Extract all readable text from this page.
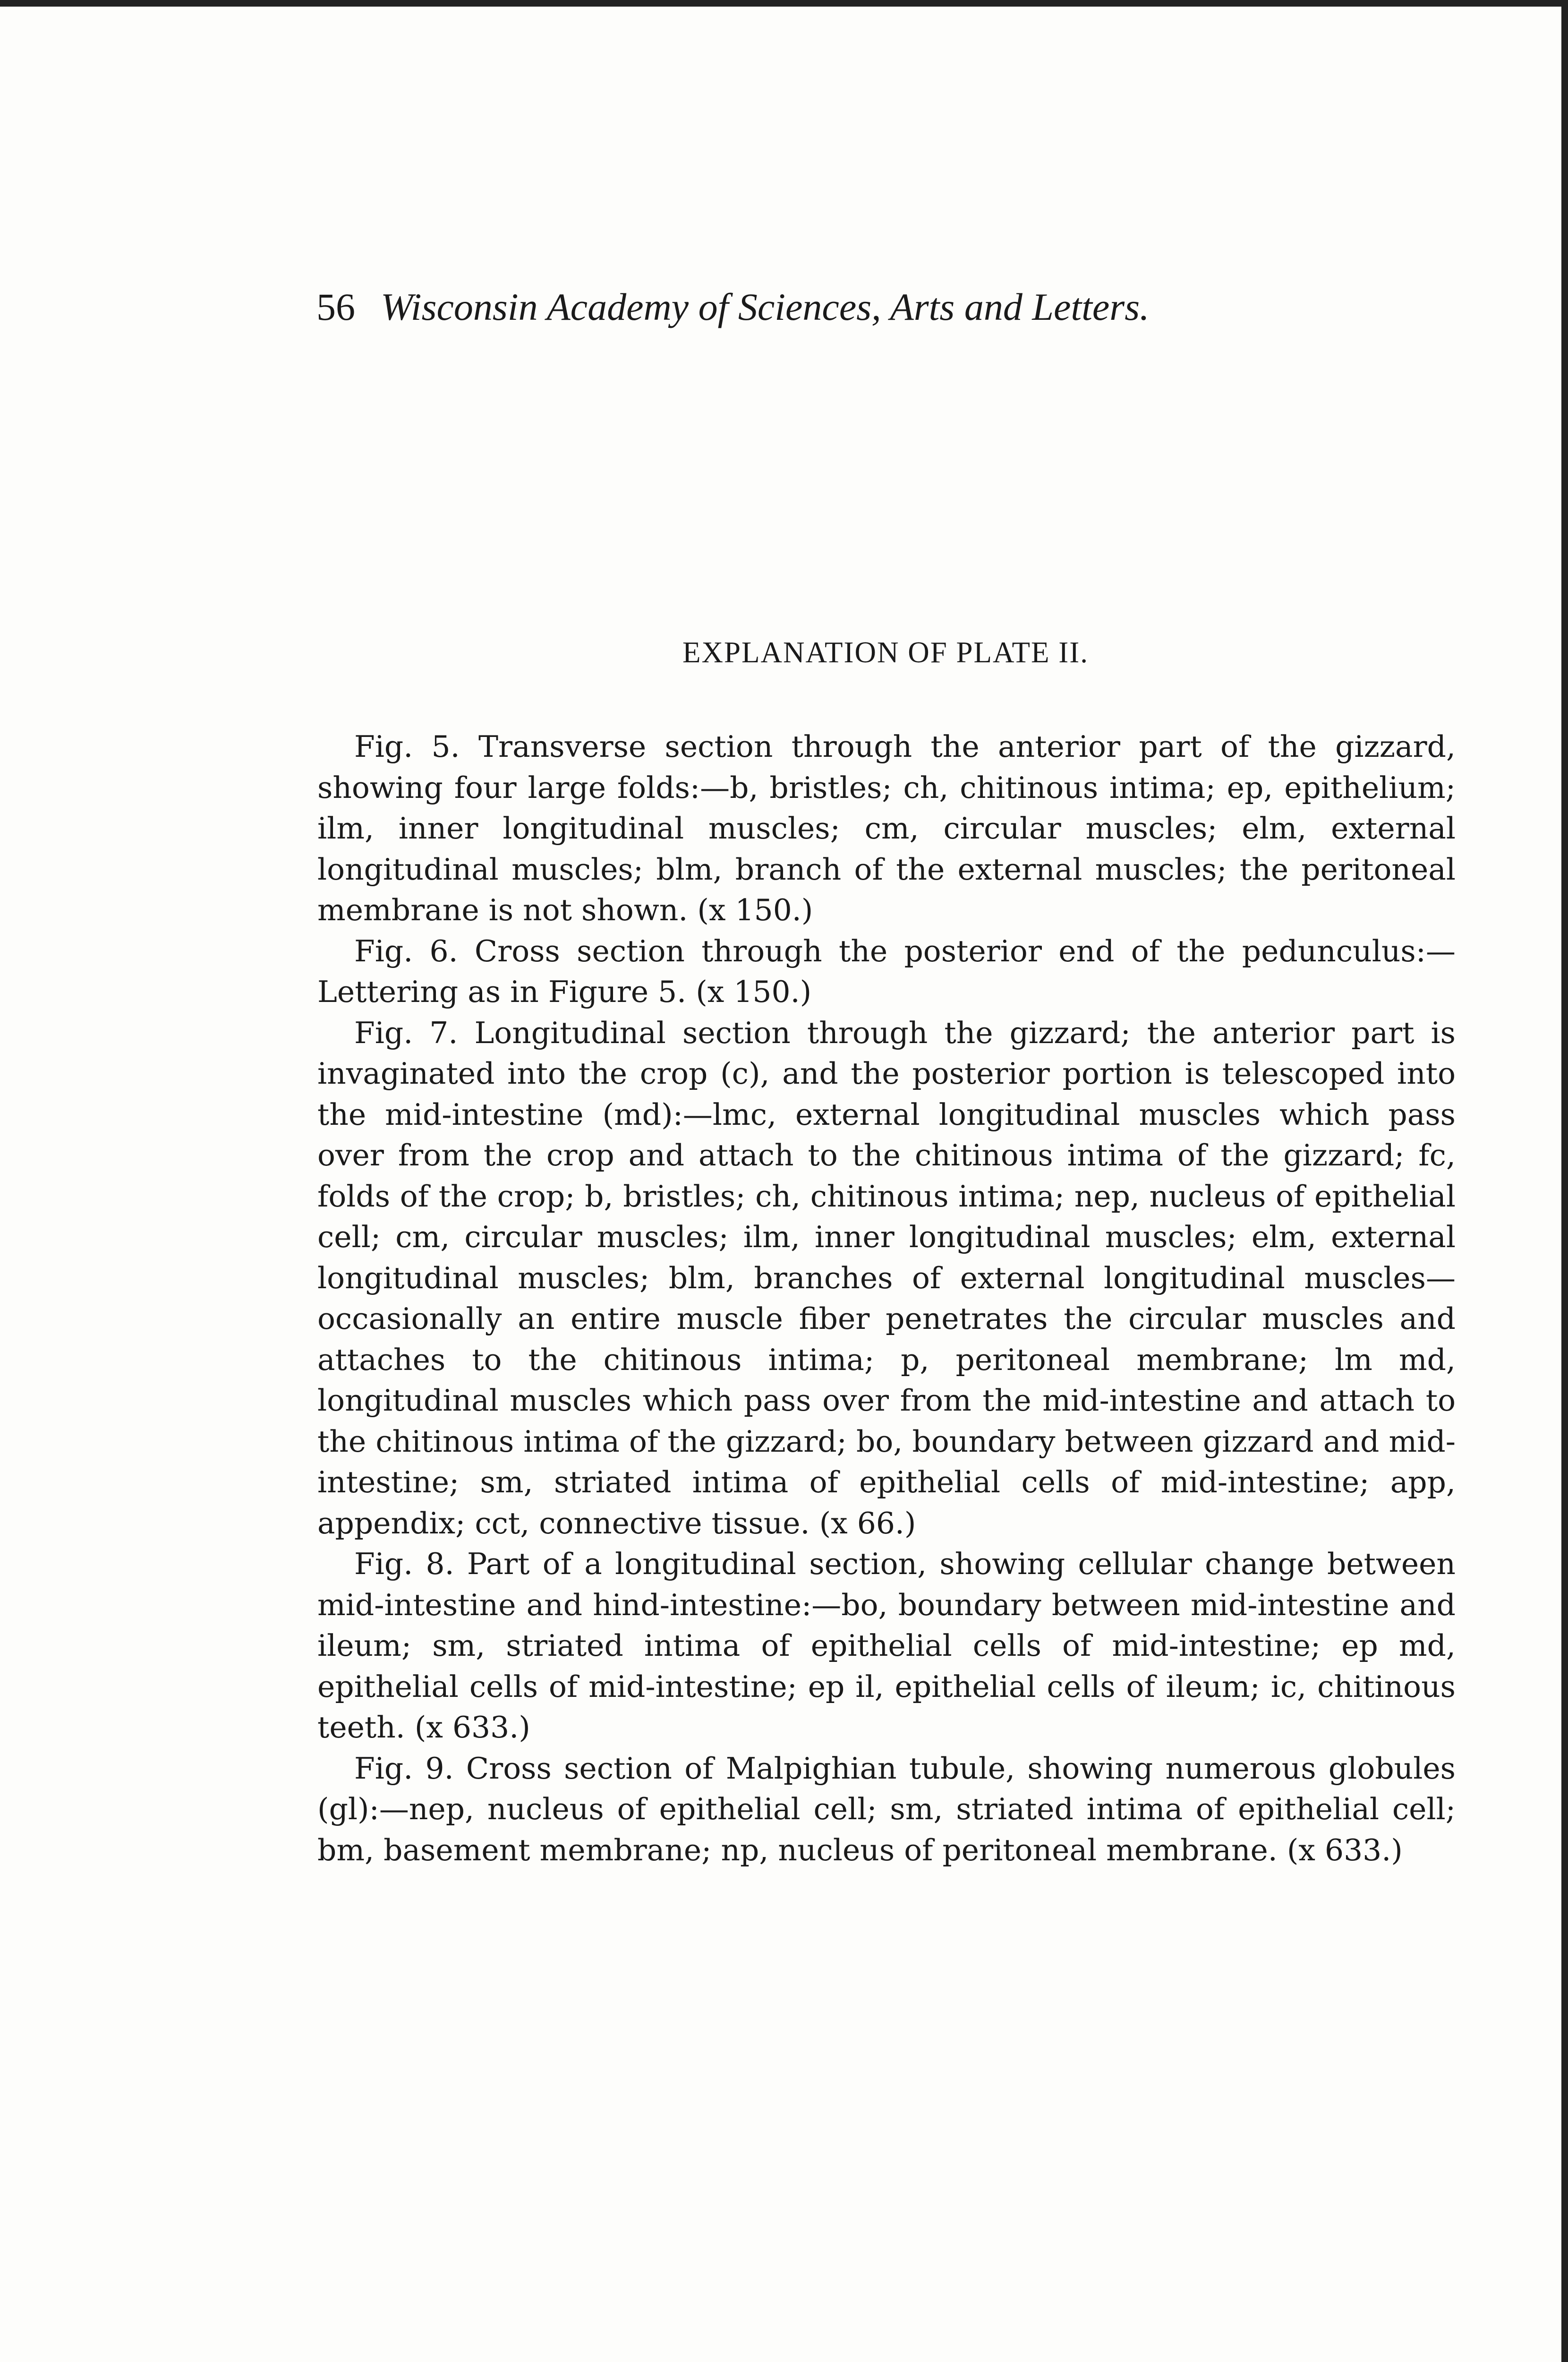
56 Wisconsin Academy of Sciences, Arts and Letters.
EXPLANATION OF PLATE II.

Fig. 5. Transverse section through the anterior part of the gizzard, showing four large folds:—b, bristles; ch, chitinous intima; ep, epithelium; ilm, inner longitudinal muscles; cm, circular muscles; elm, external longitudinal muscles; blm, branch of the external muscles; the peritoneal membrane is not shown. (x 150.)

Fig. 6. Cross section through the posterior end of the pedunculus:—Lettering as in Figure 5. (x 150.)

Fig. 7. Longitudinal section through the gizzard; the anterior part is invaginated into the crop (c), and the posterior portion is telescoped into the mid-intestine (md):—lmc, external longitudinal muscles which pass over from the crop and attach to the chitinous intima of the gizzard; fc, folds of the crop; b, bristles; ch, chitinous intima; nep, nucleus of epithelial cell; cm, circular muscles; ilm, inner longitudinal muscles; elm, external longitudinal muscles; blm, branches of external longitudinal muscles—occasionally an entire muscle fiber penetrates the circular muscles and attaches to the chitinous intima; p, peritoneal membrane; lm md, longitudinal muscles which pass over from the mid-intestine and attach to the chitinous intima of the gizzard; bo, boundary between gizzard and mid-intestine; sm, striated intima of epithelial cells of mid-intestine; app, appendix; cct, connective tissue. (x 66.)

Fig. 8. Part of a longitudinal section, showing cellular change between mid-intestine and hind-intestine:—bo, boundary between mid-intestine and ileum; sm, striated intima of epithelial cells of mid-intestine; ep md, epithelial cells of mid-intestine; ep il, epithelial cells of ileum; ic, chitinous teeth. (x 633.)

Fig. 9. Cross section of Malpighian tubule, showing numerous globules (gl):—nep, nucleus of epithelial cell; sm, striated intima of epithelial cell; bm, basement membrane; np, nucleus of peritoneal membrane. (x 633.)
